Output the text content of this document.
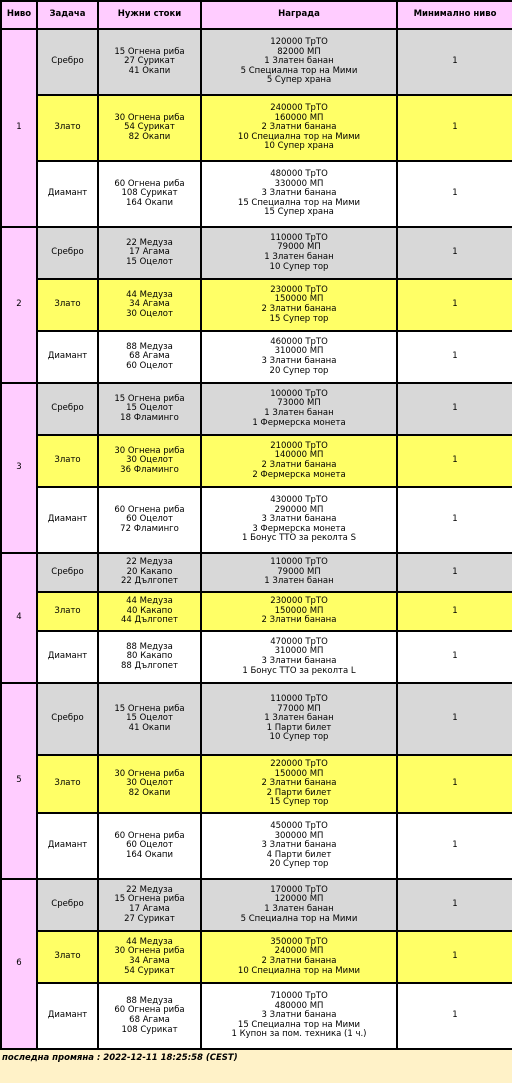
Ниво	Задача	Нужни стоки	Награда	Минимално ниво
1	Сребро	15 Огнена риба
27 Сурикат
41 Окапи	120000 ТрТО
82000 МП
1 Златен банан
5 Специална тор на Мими
5 Супер храна	1
	Злато	30 Огнена риба
54 Сурикат
82 Окапи	240000 ТрТО
160000 МП
2 Златни банана
10 Специална тор на Мими
10 Супер храна	1
	Диамант	60 Огнена риба
108 Сурикат
164 Окапи	480000 ТрТО
330000 МП
3 Златни банана
15 Специална тор на Мими
15 Супер храна	1
2	Сребро	22 Медуза
17 Агама
15 Оцелот	110000 ТрТО
79000 МП
1 Златен банан
10 Супер тор	1
	Злато	44 Медуза
34 Агама
30 Оцелот	230000 ТрТО
150000 МП
2 Златни банана
15 Супер тор	1
	Диамант	88 Медуза
68 Агама
60 Оцелот	460000 ТрТО
310000 МП
3 Златни банана
20 Супер тор	1
3	Сребро	15 Огнена риба
15 Оцелот
18 Фламинго	100000 ТрТО
73000 МП
1 Златен банан
1 Фермерска монета	1
	Злато	30 Огнена риба
30 Оцелот
36 Фламинго	210000 ТрТО
140000 МП
2 Златни банана
2 Фермерска монета	1
	Диамант	60 Огнена риба
60 Оцелот
72 Фламинго	430000 ТрТО
290000 МП
3 Златни банана
3 Фермерска монета
1 Бонус ТТО за реколта S	1
4	Сребро	22 Медуза
20 Какапо
22 Дългопет	110000 ТрТО
79000 МП
1 Златен банан	1
	Злато	44 Медуза
40 Какапо
44 Дългопет	230000 ТрТО
150000 МП
2 Златни банана	1
	Диамант	88 Медуза
80 Какапо
88 Дългопет	470000 ТрТО
310000 МП
3 Златни банана
1 Бонус ТТО за реколта L	1
5	Сребро	15 Огнена риба
15 Оцелот
41 Окапи	110000 ТрТО
77000 МП
1 Златен банан
1 Парти билет
10 Супер тор	1
	Злато	30 Огнена риба
30 Оцелот
82 Окапи	220000 ТрТО
150000 МП
2 Златни банана
2 Парти билет
15 Супер тор	1
	Диамант	60 Огнена риба
60 Оцелот
164 Окапи	450000 ТрТО
300000 МП
3 Златни банана
4 Парти билет
20 Супер тор	1
6	Сребро	22 Медуза
15 Огнена риба
17 Агама
27 Сурикат	170000 ТрТО
120000 МП
1 Златен банан
5 Специална тор на Мими	1
	Злато	44 Медуза
30 Огнена риба
34 Агама
54 Сурикат	350000 ТрТО
240000 МП
2 Златни банана
10 Специална тор на Мими	1
	Диамант	88 Медуза
60 Огнена риба
68 Агама
108 Сурикат	710000 ТрТО
480000 МП
3 Златни банана
15 Специална тор на Мими
1 Купон за пом. техника (1 ч.)	1
последна промяна : 2022-12-11 18:25:58 (CEST)
